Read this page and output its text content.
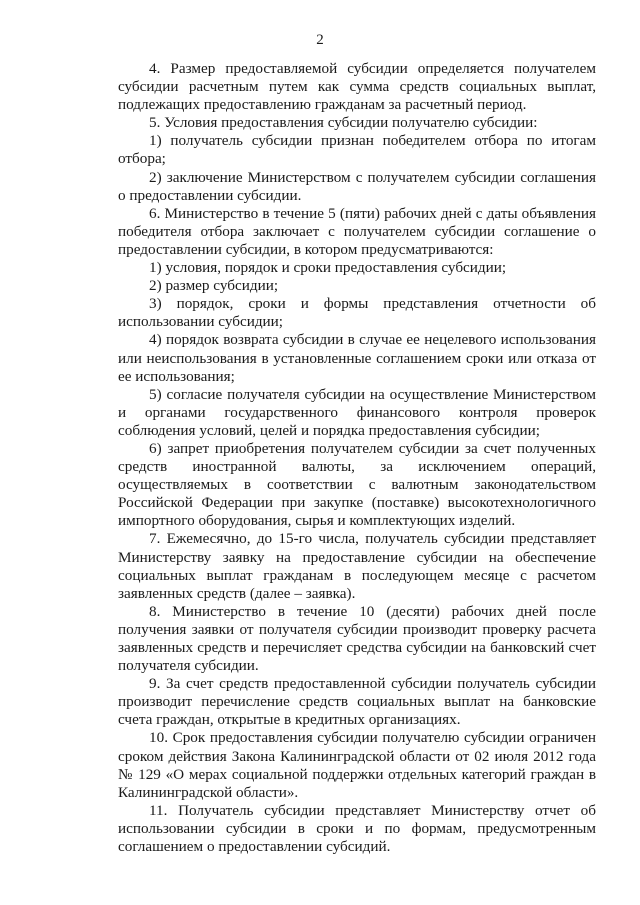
2

4. Размер предоставляемой субсидии определяется получателем субсидии расчетным путем как сумма средств социальных выплат, подлежащих предоставлению гражданам за расчетный период.

5. Условия предоставления субсидии получателю субсидии:

1) получатель субсидии признан победителем отбора по итогам отбора;

2) заключение Министерством с получателем субсидии соглашения о предоставлении субсидии.

6. Министерство в течение 5 (пяти) рабочих дней с даты объявления победителя отбора заключает с получателем субсидии соглашение о предоставлении субсидии, в котором предусматриваются:

1) условия, порядок и сроки предоставления субсидии;

2) размер субсидии;

3) порядок, сроки и формы представления отчетности об использовании субсидии;

4) порядок возврата субсидии в случае ее нецелевого использования или неиспользования в установленные соглашением сроки или отказа от ее использования;

5) согласие получателя субсидии на осуществление Министерством и органами государственного финансового контроля проверок соблюдения условий, целей и порядка предоставления субсидии;

6) запрет приобретения получателем субсидии за счет полученных средств иностранной валюты, за исключением операций, осуществляемых в соответствии с валютным законодательством Российской Федерации при закупке (поставке) высокотехнологичного импортного оборудования, сырья и комплектующих изделий.

7. Ежемесячно, до 15-го числа, получатель субсидии представляет Министерству заявку на предоставление субсидии на обеспечение социальных выплат гражданам в последующем месяце с расчетом заявленных средств (далее – заявка).

8. Министерство в течение 10 (десяти) рабочих дней после получения заявки от получателя субсидии производит проверку расчета заявленных средств и перечисляет средства субсидии на банковский счет получателя субсидии.

9. За счет средств предоставленной субсидии получатель субсидии производит перечисление средств социальных выплат на банковские счета граждан, открытые в кредитных организациях.

10. Срок предоставления субсидии получателю субсидии ограничен сроком действия Закона Калининградской области от 02 июля 2012 года № 129 «О мерах социальной поддержки отдельных категорий граждан в Калининградской области».

11. Получатель субсидии представляет Министерству отчет об использовании субсидии в сроки и по формам, предусмотренным соглашением о предоставлении субсидий.
